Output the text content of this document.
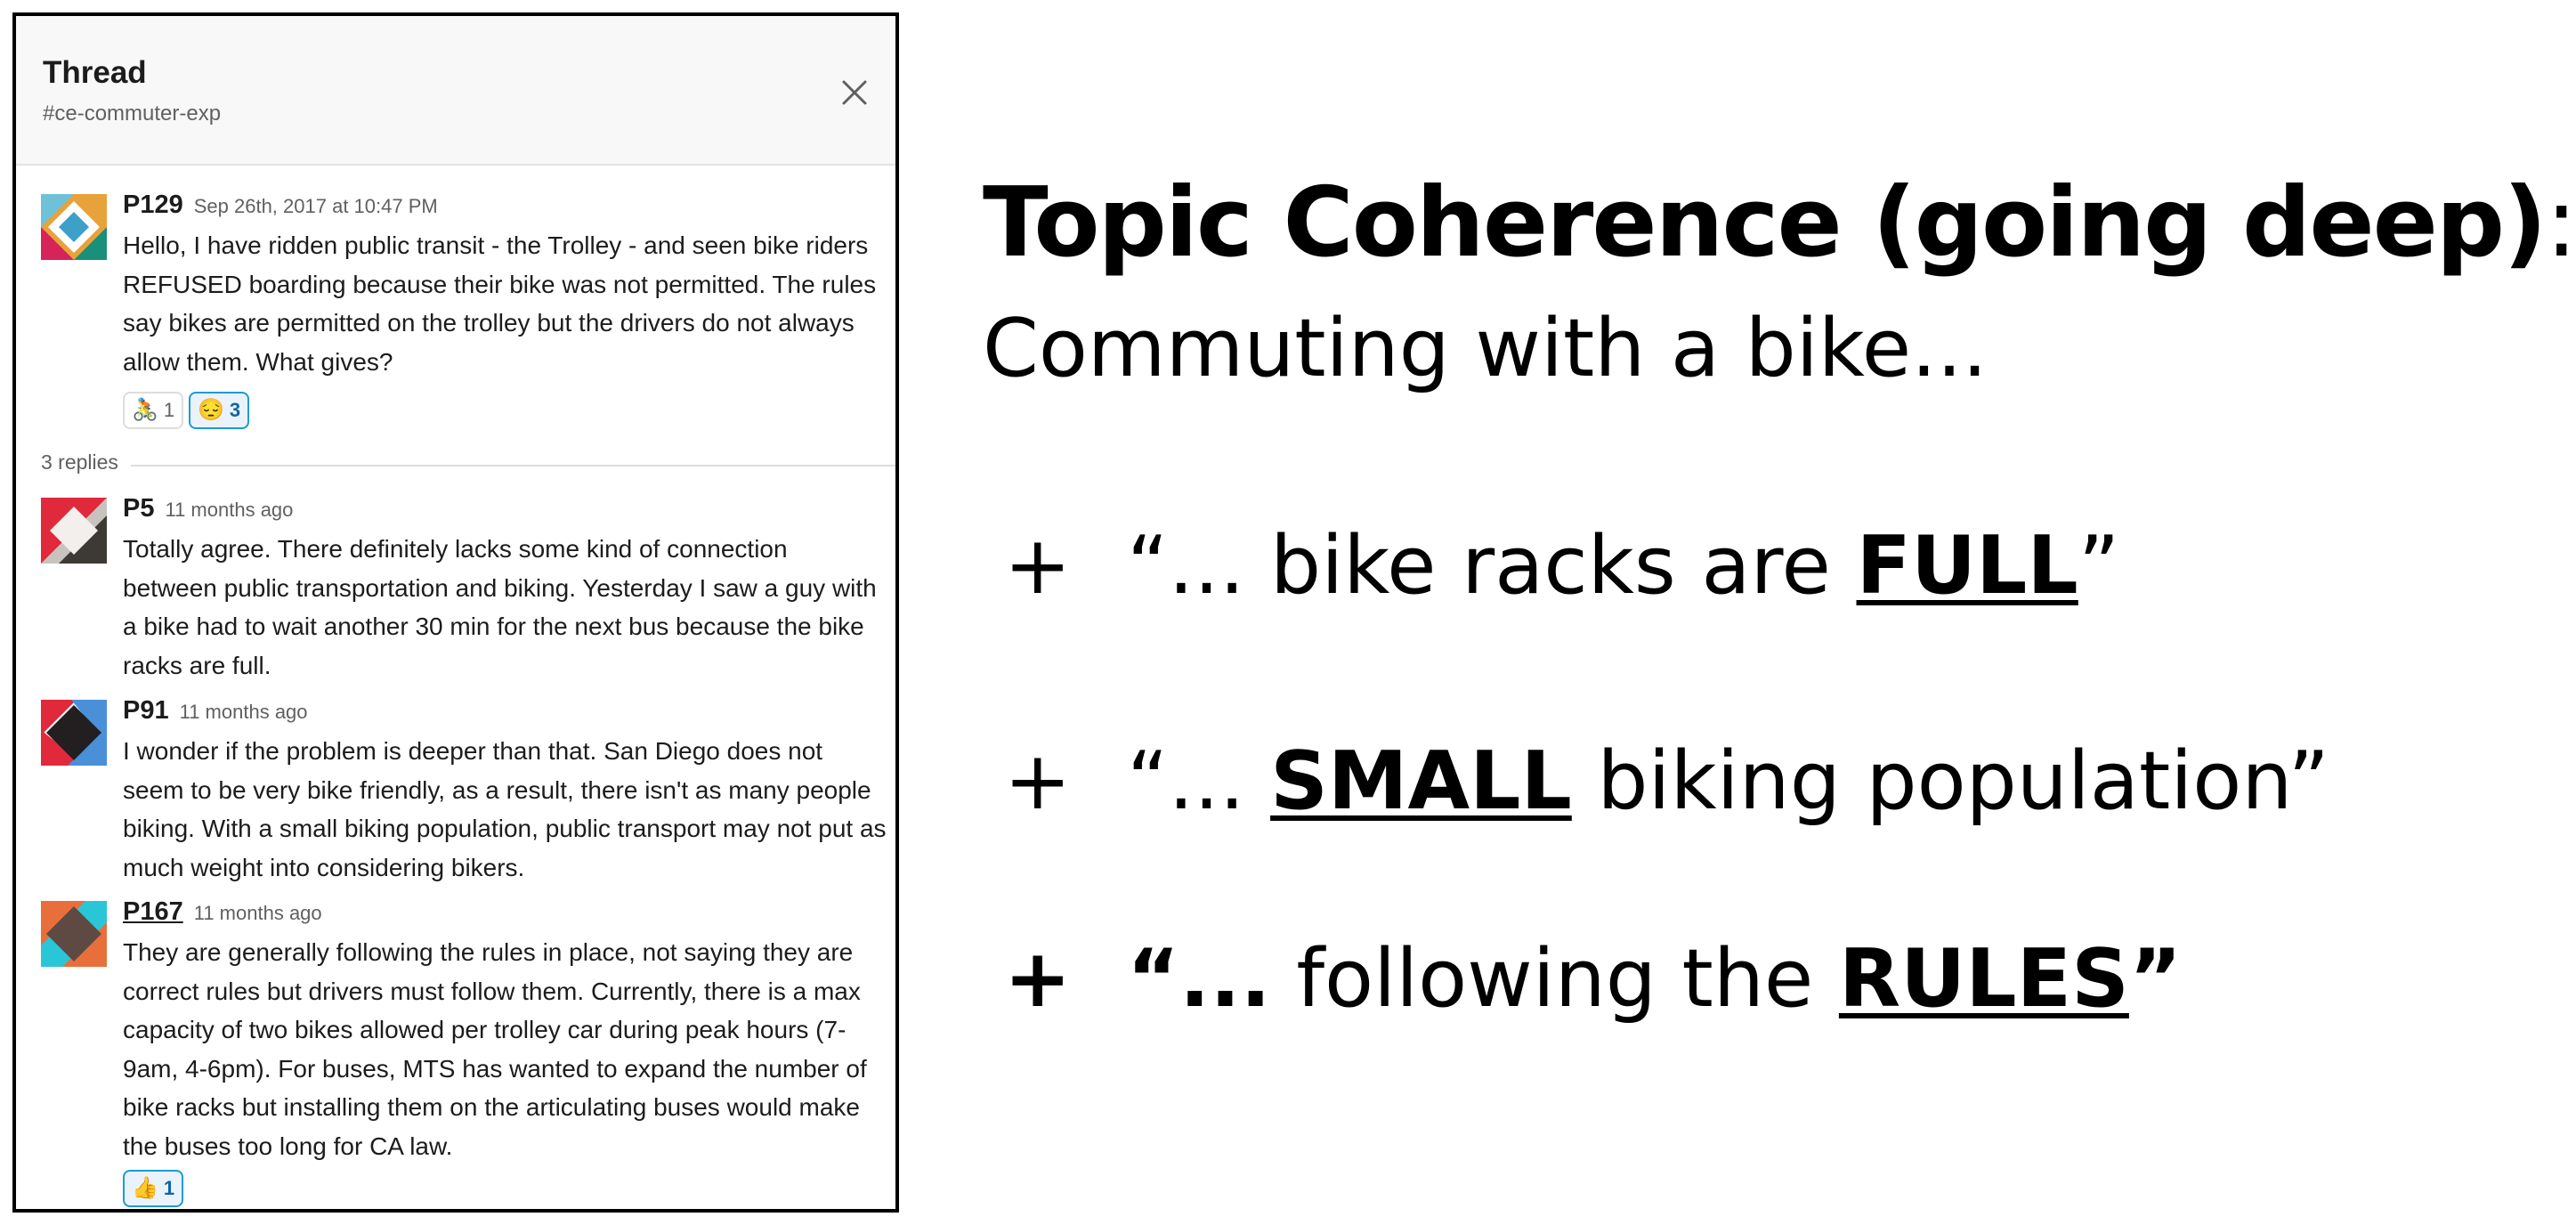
Thread
#ce-commuter-exp
P129 Sep 26th, 2017 at 10:47 PM
Hello, I have ridden public transit - the Trolley - and seen bike riders REFUSED boarding because their bike was not permitted. The rules say bikes are permitted on the trolley but the drivers do not always allow them. What gives?
🚴 1 😔 3
3 replies
P5 11 months ago
Totally agree. There definitely lacks some kind of connection between public transportation and biking. Yesterday I saw a guy with a bike had to wait another 30 min for the next bus because the bike racks are full.
P91 11 months ago
I wonder if the problem is deeper than that. San Diego does not seem to be very bike friendly, as a result, there isn't as many people biking. With a small biking population, public transport may not put as much weight into considering bikers.
P167 11 months ago
They are generally following the rules in place, not saying they are correct rules but drivers must follow them. Currently, there is a max capacity of two bikes allowed per trolley car during peak hours (7-9am, 4-6pm). For buses, MTS has wanted to expand the number of bike racks but installing them on the articulating buses would make the buses too long for CA law.
👍 1
Topic Coherence (going deep):
Commuting with a bike...
+ “... bike racks are FULL”
+ “... SMALL biking population”
+ “... following the RULES”
